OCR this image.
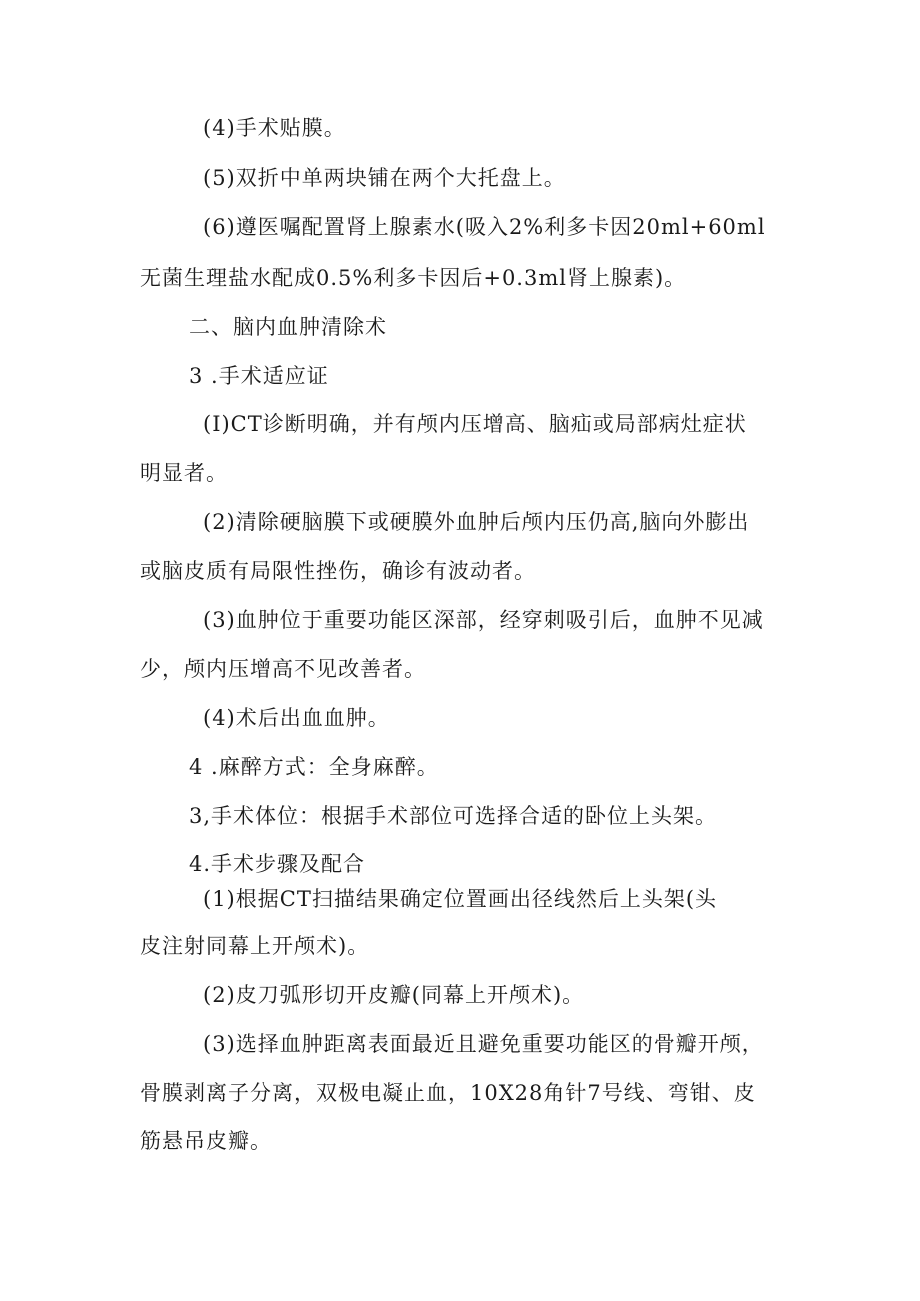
(4)手术贴膜。
(5)双折中单两块铺在两个大托盘上。
(6)遵医嘱配置肾上腺素水(吸入2%利多卡因20ml+60ml
无菌生理盐水配成0.5%利多卡因后+0.3ml肾上腺素)。
二、脑内血肿清除术
3 .手术适应证
(I)CT诊断明确，并有颅内压增高、脑疝或局部病灶症状
明显者。
(2)清除硬脑膜下或硬膜外血肿后颅内压仍高,脑向外膨出
或脑皮质有局限性挫伤，确诊有波动者。
(3)血肿位于重要功能区深部，经穿刺吸引后，血肿不见减
少，颅内压增高不见改善者。
(4)术后出血血肿。
4 .麻醉方式：全身麻醉。
3,手术体位：根据手术部位可选择合适的卧位上头架。
4.手术步骤及配合
(1)根据CT扫描结果确定位置画出径线然后上头架(头
皮注射同幕上开颅术)。
(2)皮刀弧形切开皮瓣(同幕上开颅术)。
(3)选择血肿距离表面最近且避免重要功能区的骨瓣开颅，
骨膜剥离子分离，双极电凝止血，10X28角针7号线、弯钳、皮
筋悬吊皮瓣。
